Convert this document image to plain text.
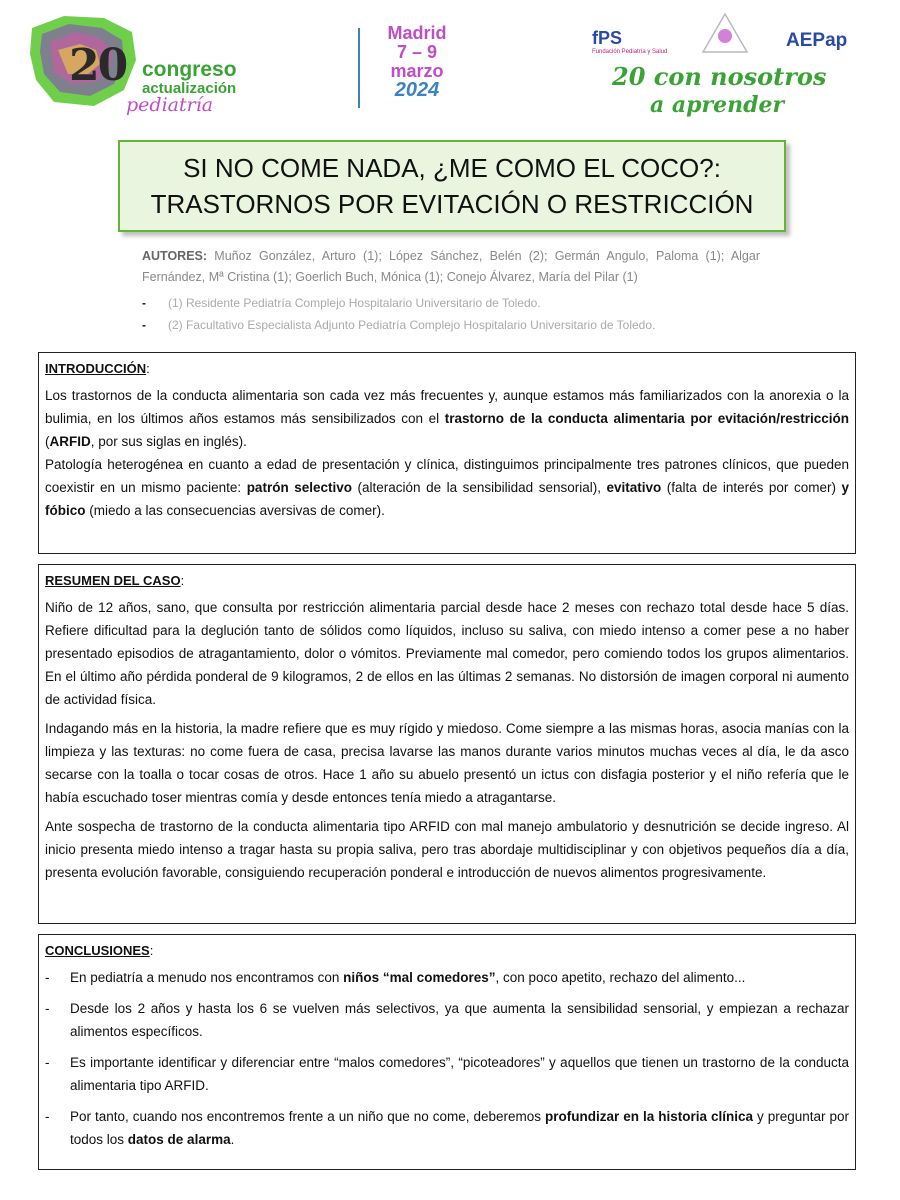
20 congreso
actualización
pediatría
Madrid
7 – 9
marzo
2024
fPS
Fundación Pediatría y Salud
AEPap
20 con nosotros
a aprender
SI NO COME NADA, ¿ME COMO EL COCO?:
TRASTORNOS POR EVITACIÓN O RESTRICCIÓN
AUTORES: Muñoz González, Arturo (1); López Sánchez, Belén (2); Germán Angulo, Paloma (1); Algar Fernández, Mª Cristina (1); Goerlich Buch, Mónica (1); Conejo Álvarez, María del Pilar (1)
- (1) Residente Pediatría Complejo Hospitalario Universitario de Toledo.
- (2) Facultativo Especialista Adjunto Pediatría Complejo Hospitalario Universitario de Toledo.
INTRODUCCIÓN:
Los trastornos de la conducta alimentaria son cada vez más frecuentes y, aunque estamos más familiarizados con la anorexia o la bulimia, en los últimos años estamos más sensibilizados con el trastorno de la conducta alimentaria por evitación/restricción (ARFID, por sus siglas en inglés).
Patología heterogénea en cuanto a edad de presentación y clínica, distinguimos principalmente tres patrones clínicos, que pueden coexistir en un mismo paciente: patrón selectivo (alteración de la sensibilidad sensorial), evitativo (falta de interés por comer) y fóbico (miedo a las consecuencias aversivas de comer).
RESUMEN DEL CASO:
Niño de 12 años, sano, que consulta por restricción alimentaria parcial desde hace 2 meses con rechazo total desde hace 5 días. Refiere dificultad para la deglución tanto de sólidos como líquidos, incluso su saliva, con miedo intenso a comer pese a no haber presentado episodios de atragantamiento, dolor o vómitos. Previamente mal comedor, pero comiendo todos los grupos alimentarios. En el último año pérdida ponderal de 9 kilogramos, 2 de ellos en las últimas 2 semanas. No distorsión de imagen corporal ni aumento de actividad física.
Indagando más en la historia, la madre refiere que es muy rígido y miedoso. Come siempre a las mismas horas, asocia manías con la limpieza y las texturas: no come fuera de casa, precisa lavarse las manos durante varios minutos muchas veces al día, le da asco secarse con la toalla o tocar cosas de otros. Hace 1 año su abuelo presentó un ictus con disfagia posterior y el niño refería que le había escuchado toser mientras comía y desde entonces tenía miedo a atragantarse.
Ante sospecha de trastorno de la conducta alimentaria tipo ARFID con mal manejo ambulatorio y desnutrición se decide ingreso. Al inicio presenta miedo intenso a tragar hasta su propia saliva, pero tras abordaje multidisciplinar y con objetivos pequeños día a día, presenta evolución favorable, consiguiendo recuperación ponderal e introducción de nuevos alimentos progresivamente.
CONCLUSIONES:
-	En pediatría a menudo nos encontramos con niños “mal comedores”, con poco apetito, rechazo del alimento...
-	Desde los 2 años y hasta los 6 se vuelven más selectivos, ya que aumenta la sensibilidad sensorial, y empiezan a rechazar alimentos específicos.
-	Es importante identificar y diferenciar entre “malos comedores”, “picoteadores” y aquellos que tienen un trastorno de la conducta alimentaria tipo ARFID.
-	Por tanto, cuando nos encontremos frente a un niño que no come, deberemos profundizar en la historia clínica y preguntar por todos los datos de alarma.
